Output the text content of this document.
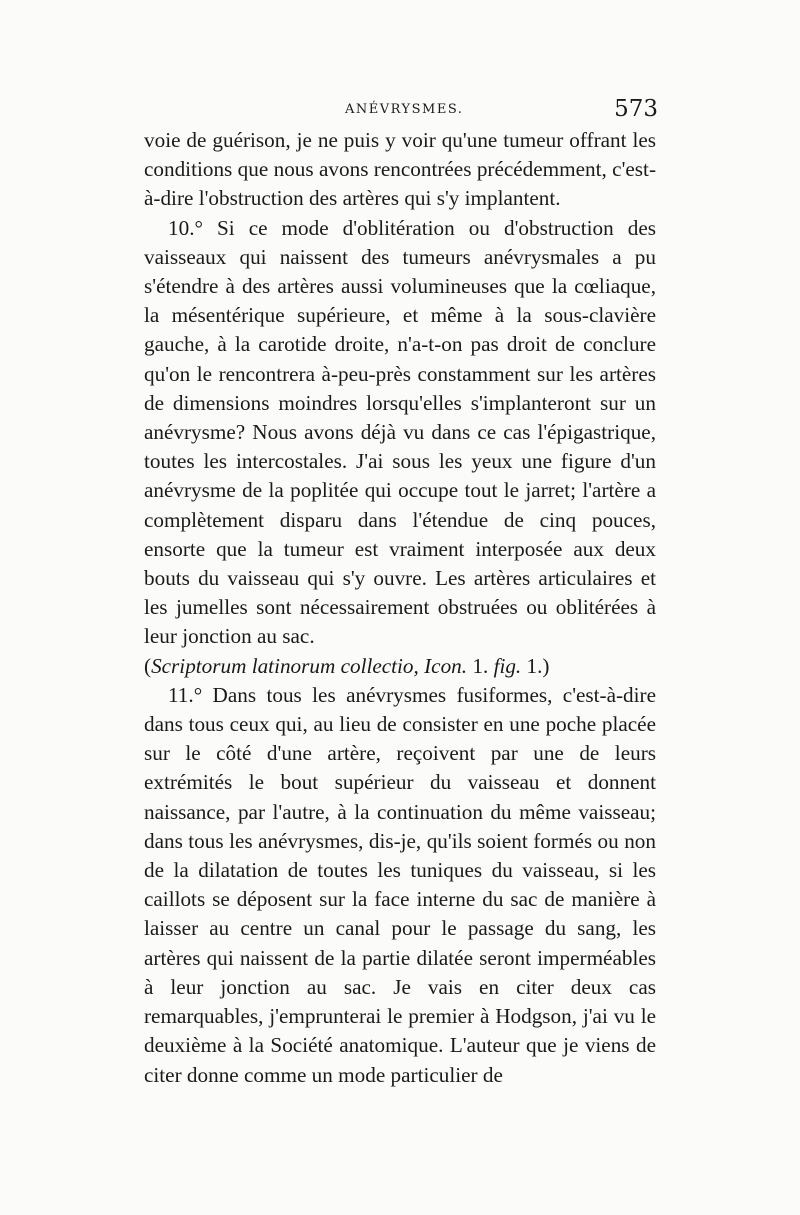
ANÉVRYSMES.	573

voie de guérison, je ne puis y voir qu'une tumeur offrant les conditions que nous avons rencontrées précédemment, c'est-à-dire l'obstruction des artères qui s'y implantent.

10.° Si ce mode d'oblitération ou d'obstruction des vaisseaux qui naissent des tumeurs anévrysmales a pu s'étendre à des artères aussi volumineuses que la cœliaque, la mésentérique supérieure, et même à la sous-clavière gauche, à la carotide droite, n'a-t-on pas droit de conclure qu'on le rencontrera à-peu-près constamment sur les artères de dimensions moindres lorsqu'elles s'implanteront sur un anévrysme? Nous avons déjà vu dans ce cas l'épigastrique, toutes les intercostales. J'ai sous les yeux une figure d'un anévrysme de la poplitée qui occupe tout le jarret; l'artère a complètement disparu dans l'étendue de cinq pouces, ensorte que la tumeur est vraiment interposée aux deux bouts du vaisseau qui s'y ouvre. Les artères articulaires et les jumelles sont nécessairement obstruées ou oblitérées à leur jonction au sac.
(Scriptorum latinorum collectio, Icon. 1. fig. 1.)

11.° Dans tous les anévrysmes fusiformes, c'est-à-dire dans tous ceux qui, au lieu de consister en une poche placée sur le côté d'une artère, reçoivent par une de leurs extrémités le bout supérieur du vaisseau et donnent naissance, par l'autre, à la continuation du même vaisseau; dans tous les anévrysmes, dis-je, qu'ils soient formés ou non de la dilatation de toutes les tuniques du vaisseau, si les caillots se déposent sur la face interne du sac de manière à laisser au centre un canal pour le passage du sang, les artères qui naissent de la partie dilatée seront imperméables à leur jonction au sac. Je vais en citer deux cas remarquables, j'emprunterai le premier à Hodgson, j'ai vu le deuxième à la Société anatomique. L'auteur que je viens de citer donne comme un mode particulier de
